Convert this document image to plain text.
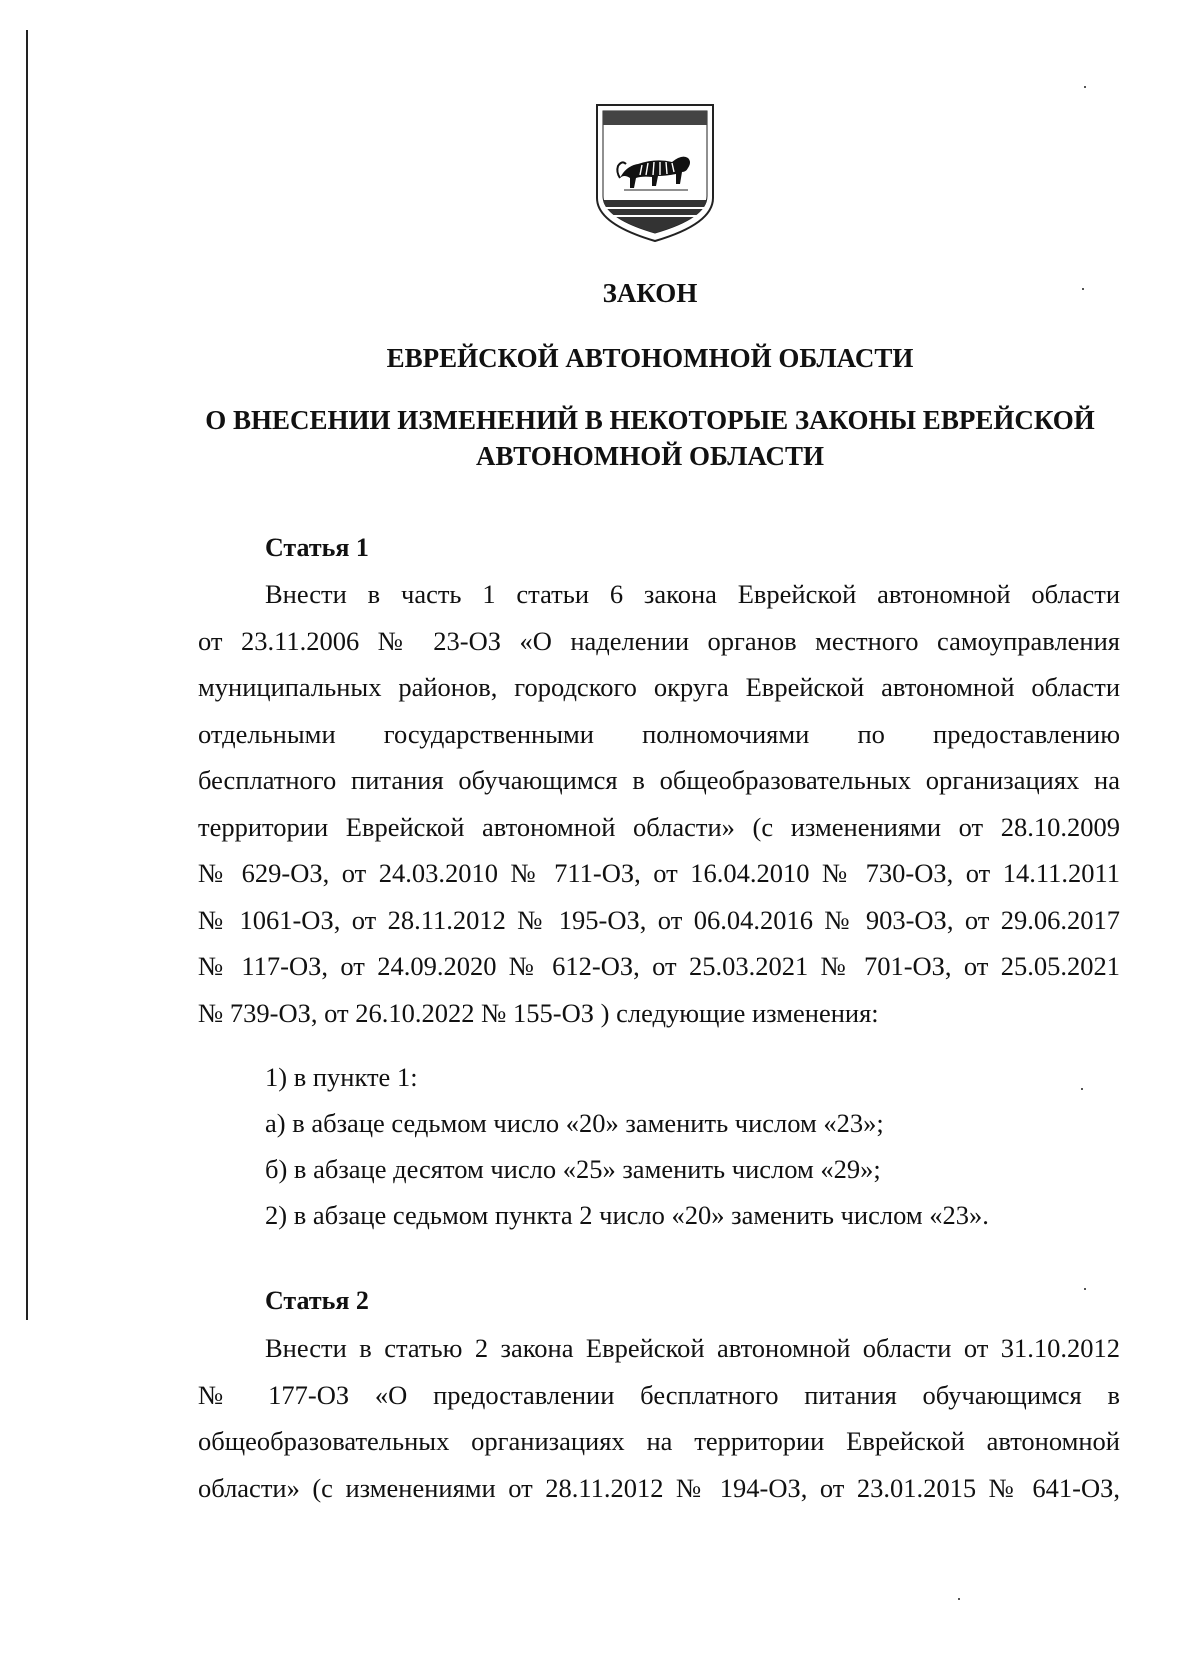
ЗАКОН
ЕВРЕЙСКОЙ АВТОНОМНОЙ ОБЛАСТИ
О ВНЕСЕНИИ ИЗМЕНЕНИЙ В НЕКОТОРЫЕ ЗАКОНЫ ЕВРЕЙСКОЙ
АВТОНОМНОЙ ОБЛАСТИ
Статья 1
Внести в часть 1 статьи 6 закона Еврейской автономной области
от 23.11.2006 № 23-ОЗ «О наделении органов местного самоуправления
муниципальных районов, городского округа Еврейской автономной области
отдельными государственными полномочиями по предоставлению
бесплатного питания обучающимся в общеобразовательных организациях на
территории Еврейской автономной области» (с изменениями от 28.10.2009
№ 629-ОЗ, от 24.03.2010 № 711-ОЗ, от 16.04.2010 № 730-ОЗ, от 14.11.2011
№ 1061-ОЗ, от 28.11.2012 № 195-ОЗ, от 06.04.2016 № 903-ОЗ, от 29.06.2017
№ 117-ОЗ, от 24.09.2020 № 612-ОЗ, от 25.03.2021 № 701-ОЗ, от 25.05.2021
№ 739-ОЗ, от 26.10.2022 № 155-ОЗ ) следующие изменения:
1) в пункте 1:
а) в абзаце седьмом число «20» заменить числом «23»;
б) в абзаце десятом число «25» заменить числом «29»;
2) в абзаце седьмом пункта 2 число «20» заменить числом «23».
Статья 2
Внести в статью 2 закона Еврейской автономной области от 31.10.2012
№ 177-ОЗ «О предоставлении бесплатного питания обучающимся в
общеобразовательных организациях на территории Еврейской автономной
области» (с изменениями от 28.11.2012 № 194-ОЗ, от 23.01.2015 № 641-ОЗ,
